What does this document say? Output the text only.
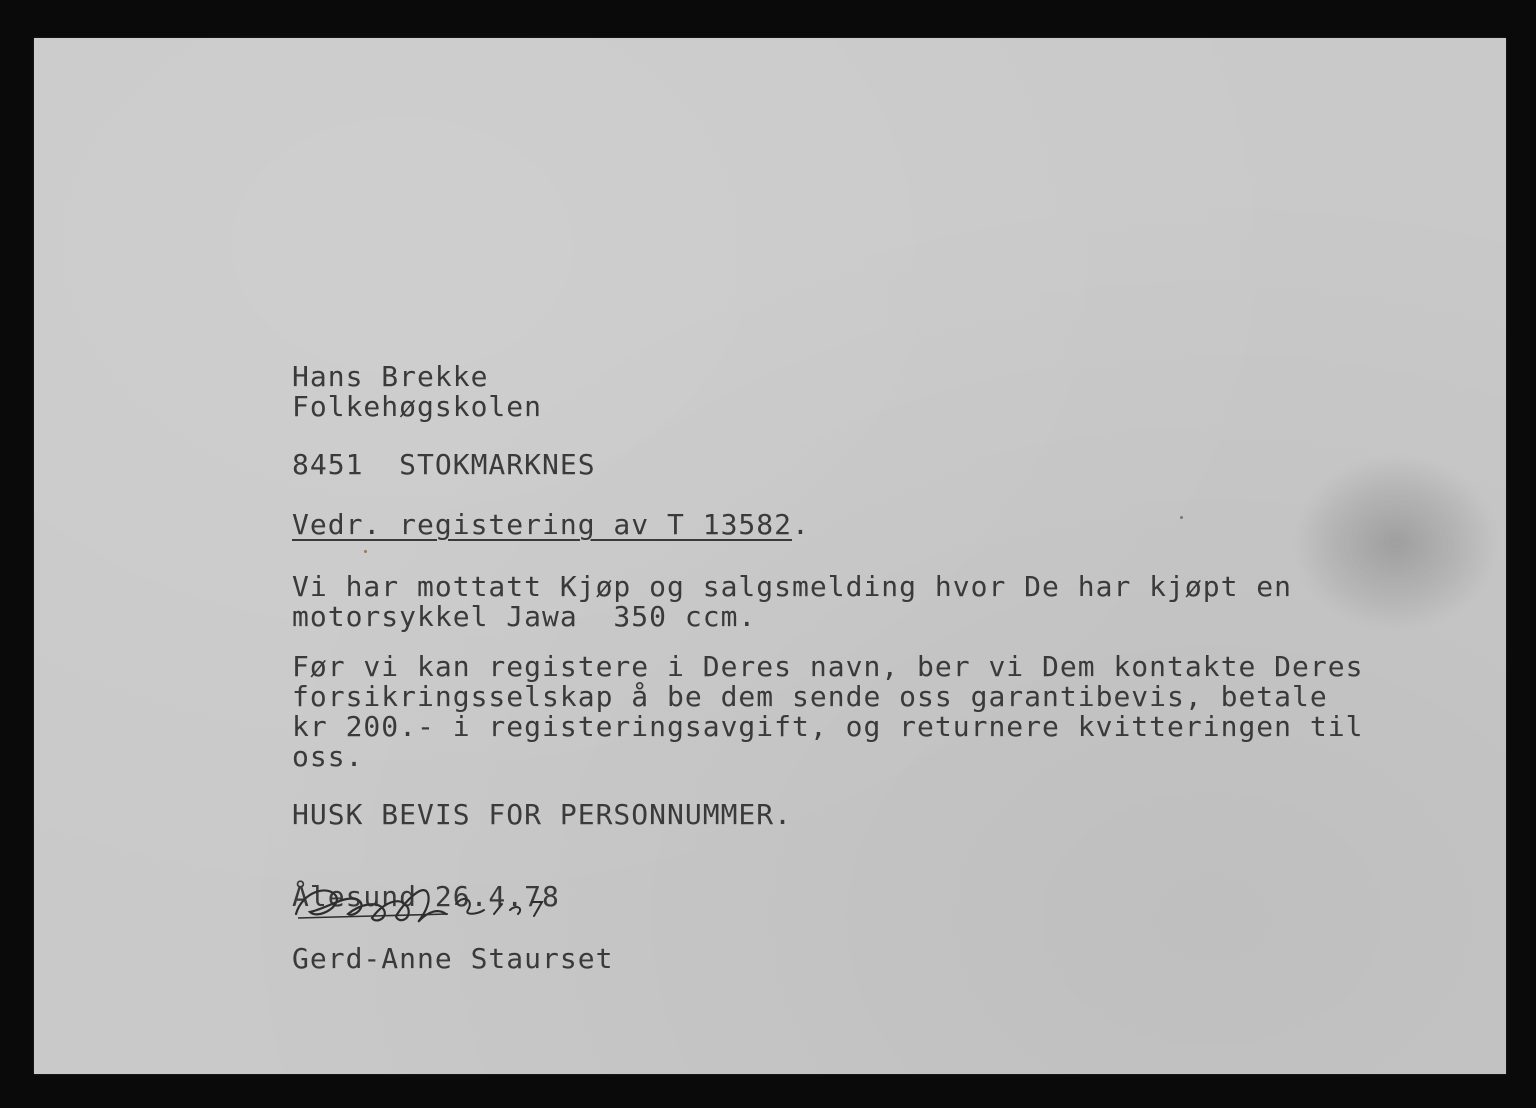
Hans Brekke
Folkehøgskolen
8451  STOKMARKNES
Vedr. registering av T 13582.
Vi har mottatt Kjøp og salgsmelding hvor De har kjøpt en
motorsykkel Jawa  350 ccm.
Før vi kan registere i Deres navn, ber vi Dem kontakte Deres
forsikringsselskap å be dem sende oss garantibevis, betale
kr 200.- i registeringsavgift, og returnere kvitteringen til
oss.
HUSK BEVIS FOR PERSONNUMMER.
Ålesund 26.4.78
Gerd-Anne Staurset
